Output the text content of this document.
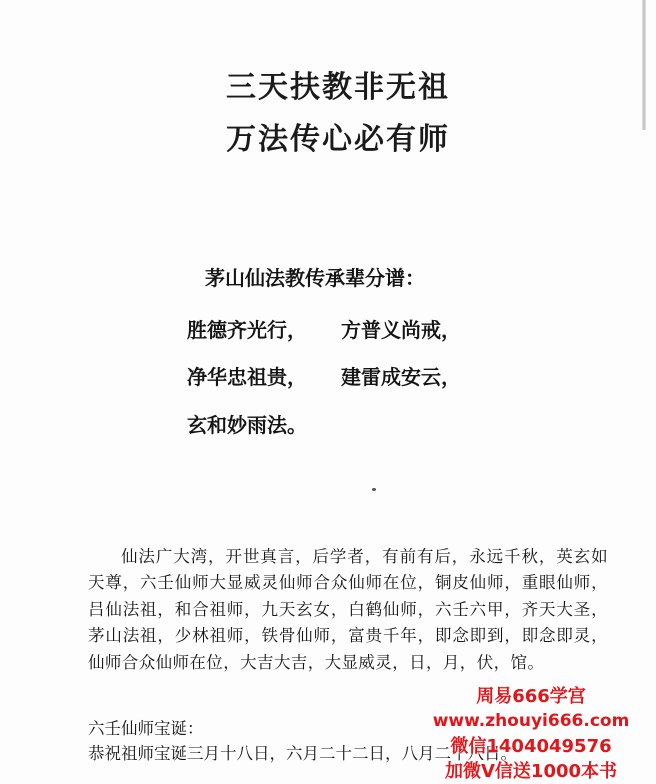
三天扶教非无祖
万法传心必有师
茅山仙法教传承辈分谱：
胜德齐光行， 方普义尚戒，
净华忠祖贵， 建雷成安云，
玄和妙雨法。

仙法广大湾，开世真言，后学者，有前有后，永远千秋，英玄如天尊，六壬仙师大显威灵仙师合众仙师在位，铜皮仙师，重眼仙师，吕仙法祖，和合祖师，九天玄女，白鹤仙师，六壬六甲，齐天大圣，茅山法祖，少林祖师，铁骨仙师，富贵千年，即念即到，即念即灵，仙师合众仙师在位，大吉大吉，大显威灵，日，月，伏，馆。

六壬仙师宝诞：
恭祝祖师宝诞三月十八日，六月二十二日，八月二十八日。
周易666学宫
www.zhouyi666.com
微信1404049576
加微V信送1000本书
